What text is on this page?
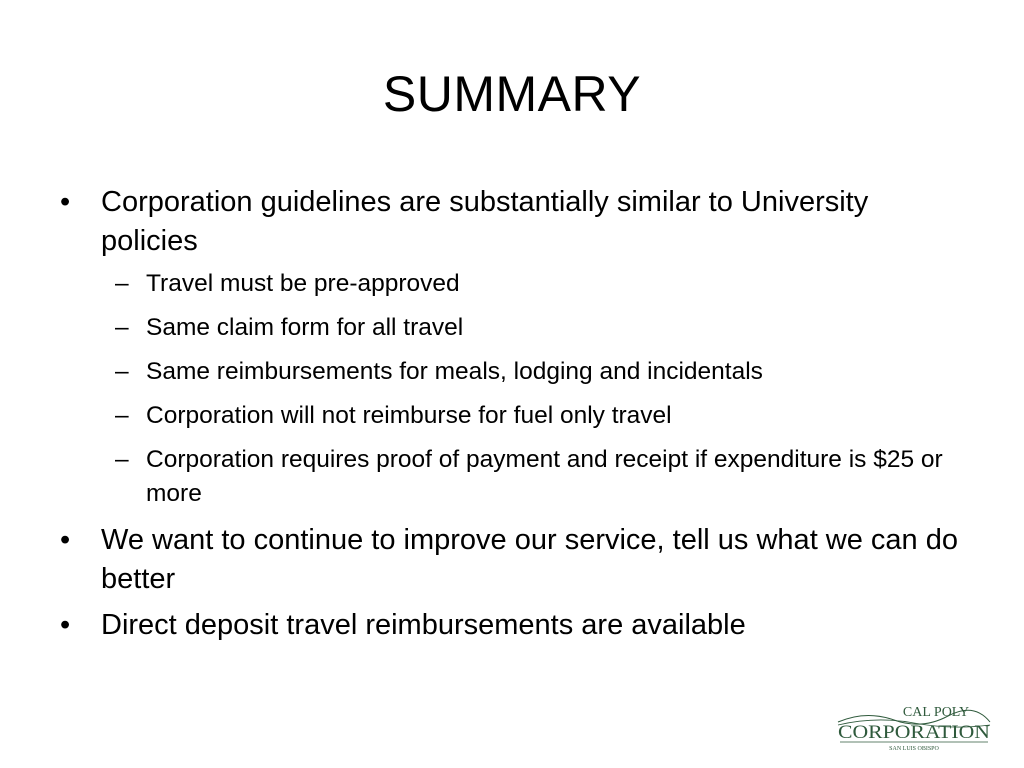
SUMMARY
• Corporation guidelines are substantially similar to University policies
– Travel must be pre-approved
– Same claim form for all travel
– Same reimbursements for meals, lodging and incidentals
– Corporation will not reimburse for fuel only travel
– Corporation requires proof of payment and receipt if expenditure is $25 or more
• We want to continue to improve our service, tell us what we can do better
• Direct deposit travel reimbursements are available
CAL POLY
CORPORATION
SAN LUIS OBISPO
